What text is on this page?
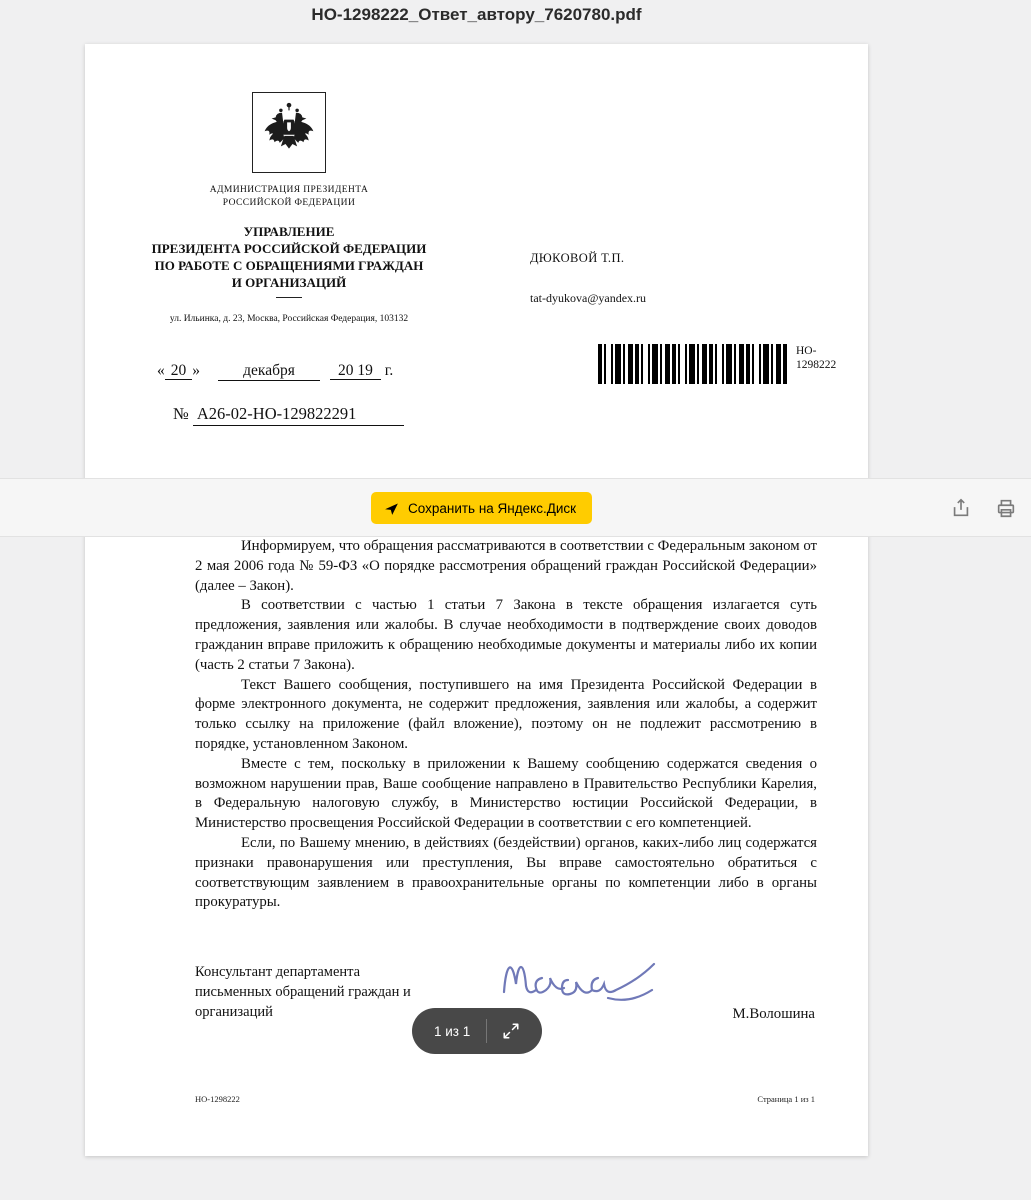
НО-1298222_Ответ_автору_7620780.pdf
АДМИНИСТРАЦИЯ ПРЕЗИДЕНТА
РОССИЙСКОЙ ФЕДЕРАЦИИ
УПРАВЛЕНИЕ
ПРЕЗИДЕНТА РОССИЙСКОЙ ФЕДЕРАЦИИ
ПО РАБОТЕ С ОБРАЩЕНИЯМИ ГРАЖДАН
И ОРГАНИЗАЦИЙ
ул. Ильинка, д. 23, Москва, Российская Федерация, 103132
« 20 »	декабря	20 19 г.
№ А26-02-НО-129822291
ДЮКОВОЙ Т.П.
tat-dyukova@yandex.ru
НО-
1298222

Информируем, что обращения рассматриваются в соответствии с Федеральным законом от 2 мая 2006 года № 59-ФЗ «О порядке рассмотрения обращений граждан Российской Федерации» (далее – Закон).

В соответствии с частью 1 статьи 7 Закона в тексте обращения излагается суть предложения, заявления или жалобы. В случае необходимости в подтверждение своих доводов гражданин вправе приложить к обращению необходимые документы и материалы либо их копии (часть 2 статьи 7 Закона).

Текст Вашего сообщения, поступившего на имя Президента Российской Федерации в форме электронного документа, не содержит предложения, заявления или жалобы, а содержит только ссылку на приложение (файл вложение), поэтому он не подлежит рассмотрению в порядке, установленном Законом.

Вместе с тем, поскольку в приложении к Вашему сообщению содержатся сведения о возможном нарушении прав, Ваше сообщение направлено в Правительство Республики Карелия, в Федеральную налоговую службу, в Министерство юстиции Российской Федерации, в Министерство просвещения Российской Федерации в соответствии с его компетенцией.

Если, по Вашему мнению, в действиях (бездействии) органов, каких-либо лиц содержатся признаки правонарушения или преступления, Вы вправе самостоятельно обратиться с соответствующим заявлением в правоохранительные органы по компетенции либо в органы прокуратуры.

Консультант департамента
письменных обращений граждан и
организаций	М.Волошина
НО-1298222	Страница 1 из 1
Сохранить на Яндекс.Диск
1 из 1
